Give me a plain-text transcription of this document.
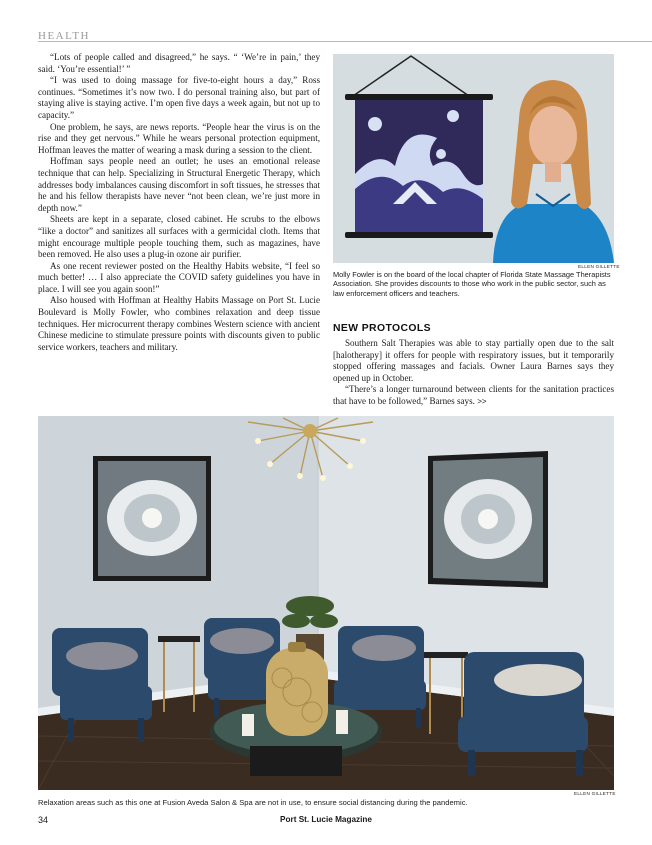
HEALTH

“Lots of people called and disagreed,” he says. “ ‘We’re in pain,’ they said. ‘You’re essential!’ ”

“I was used to doing massage for five-to-eight hours a day,” Ross continues. “Sometimes it’s now two. I do personal training also, but part of staying alive is staying active. I’m open five days a week again, but not up to capacity.”

One problem, he says, are news reports. “People hear the virus is on the rise and they get nervous.” While he wears personal protection equipment, Hoffman leaves the matter of wearing a mask during a session to the client.

Hoffman says people need an outlet; he uses an emotional release technique that can help. Specializing in Structural Energetic Therapy, which addresses body imbalances causing discomfort in soft tissues, he stresses that he and his fellow therapists have never “not been clean, we’re just more in depth now.”

Sheets are kept in a separate, closed cabinet. He scrubs to the elbows “like a doctor” and sanitizes all surfaces with a germicidal cloth. Items that might encourage multiple people touching them, such as magazines, have been removed. He also uses a plug-in ozone air purifier.

As one recent reviewer posted on the Healthy Habits website, “I feel so much better! … I also appreciate the COVID safety guidelines you have in place. I will see you again soon!”

Also housed with Hoffman at Healthy Habits Massage on Port St. Lucie Boulevard is Molly Fowler, who combines relaxation and deep tissue techniques. Her microcurrent therapy combines Western science with ancient Chinese medicine to stimulate pressure points with discounts given to public service workers, teachers and military.

ELLEN GILLETTE
Molly Fowler is on the board of the local chapter of Florida State Massage Therapists Association. She provides discounts to those who work in the public sector, such as law enforcement officers and teachers.
NEW PROTOCOLS

Southern Salt Therapies was able to stay partially open due to the salt [halotherapy] it offers for people with respiratory issues, but it temporarily stopped offering massages and facials. Owner Laura Barnes says they opened up in October.

“There’s a longer turnaround between clients for the sanitation practices that have to be followed,” Barnes says. >>

ELLEN GILLETTE
Relaxation areas such as this one at Fusion Aveda Salon & Spa are not in use, to ensure social distancing during the pandemic.
34	Port St. Lucie Magazine
